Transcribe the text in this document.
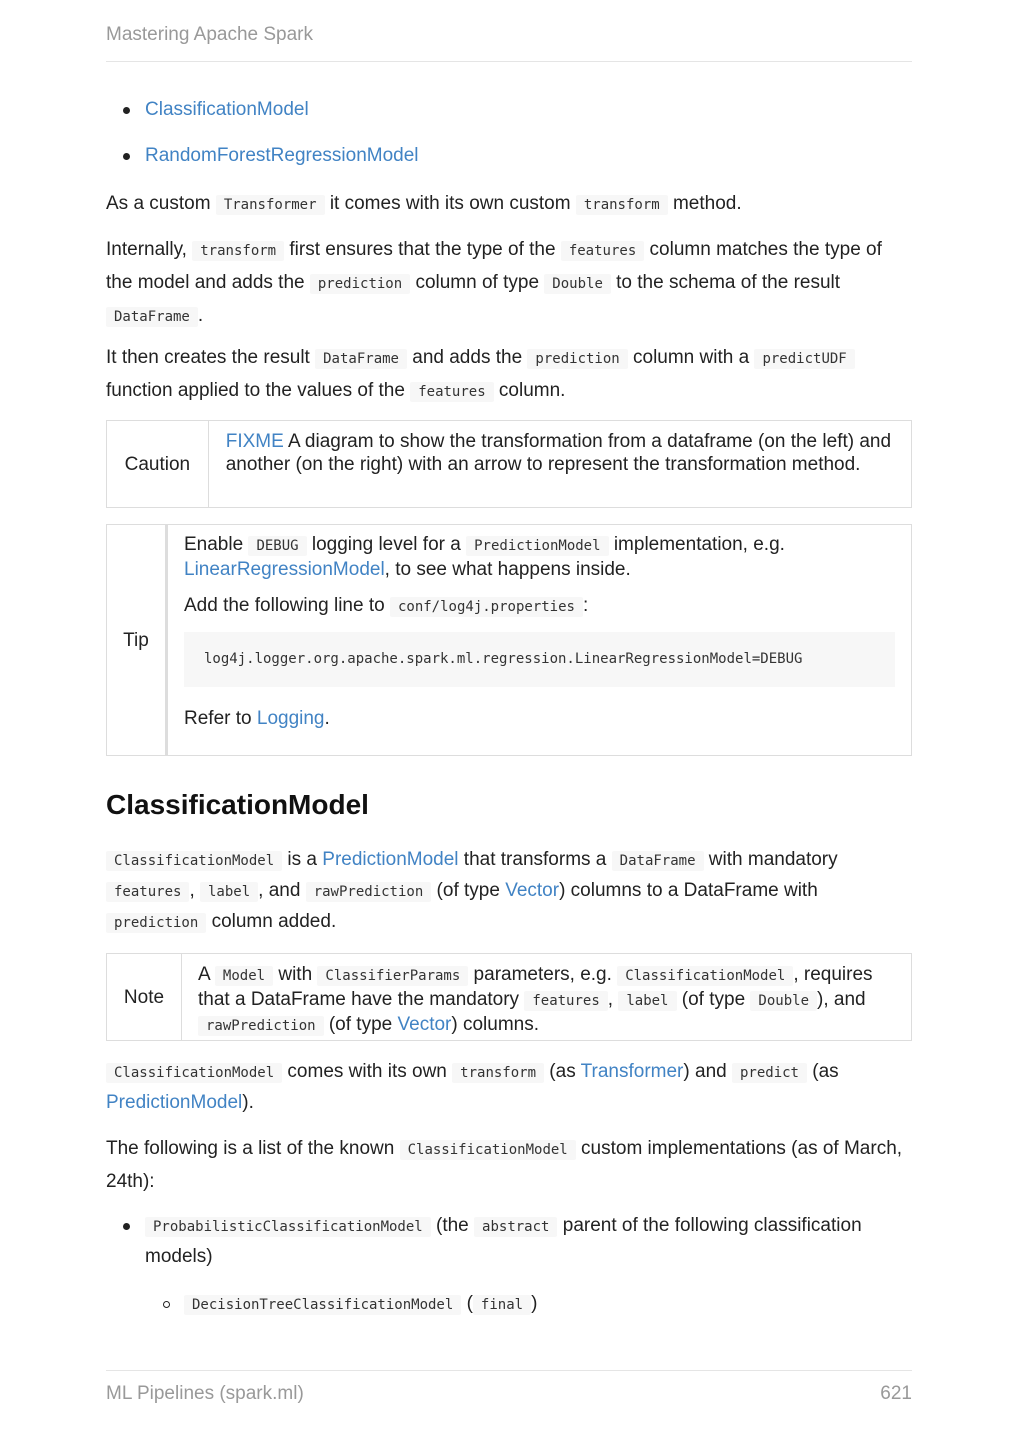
Mastering Apache Spark
ClassificationModel
RandomForestRegressionModel

As a custom Transformer it comes with its own custom transform method.

Internally, transform first ensures that the type of the features column matches the type of the model and adds the prediction column of type Double to the schema of the result DataFrame .

It then creates the result DataFrame and adds the prediction column with a predictUDF function applied to the values of the features column.

Caution
FIXME A diagram to show the transformation from a dataframe (on the left) and another (on the right) with an arrow to represent the transformation method.
Tip
Enable DEBUG logging level for a PredictionModel implementation, e.g. LinearRegressionModel, to see what happens inside.
Add the following line to conf/log4j.properties :
log4j.logger.org.apache.spark.ml.regression.LinearRegressionModel=DEBUG
Refer to Logging.
ClassificationModel

ClassificationModel is a PredictionModel that transforms a DataFrame with mandatory features , label , and rawPrediction (of type Vector) columns to a DataFrame with prediction column added.

Note
A Model with ClassifierParams parameters, e.g. ClassificationModel , requires that a DataFrame have the mandatory features , label (of type Double ), and rawPrediction (of type Vector) columns.

ClassificationModel comes with its own transform (as Transformer) and predict (as PredictionModel).

The following is a list of the known ClassificationModel custom implementations (as of March, 24th):

ProbabilisticClassificationModel (the abstract parent of the following classification models)
DecisionTreeClassificationModel ( final )
ML Pipelines (spark.ml)	621
